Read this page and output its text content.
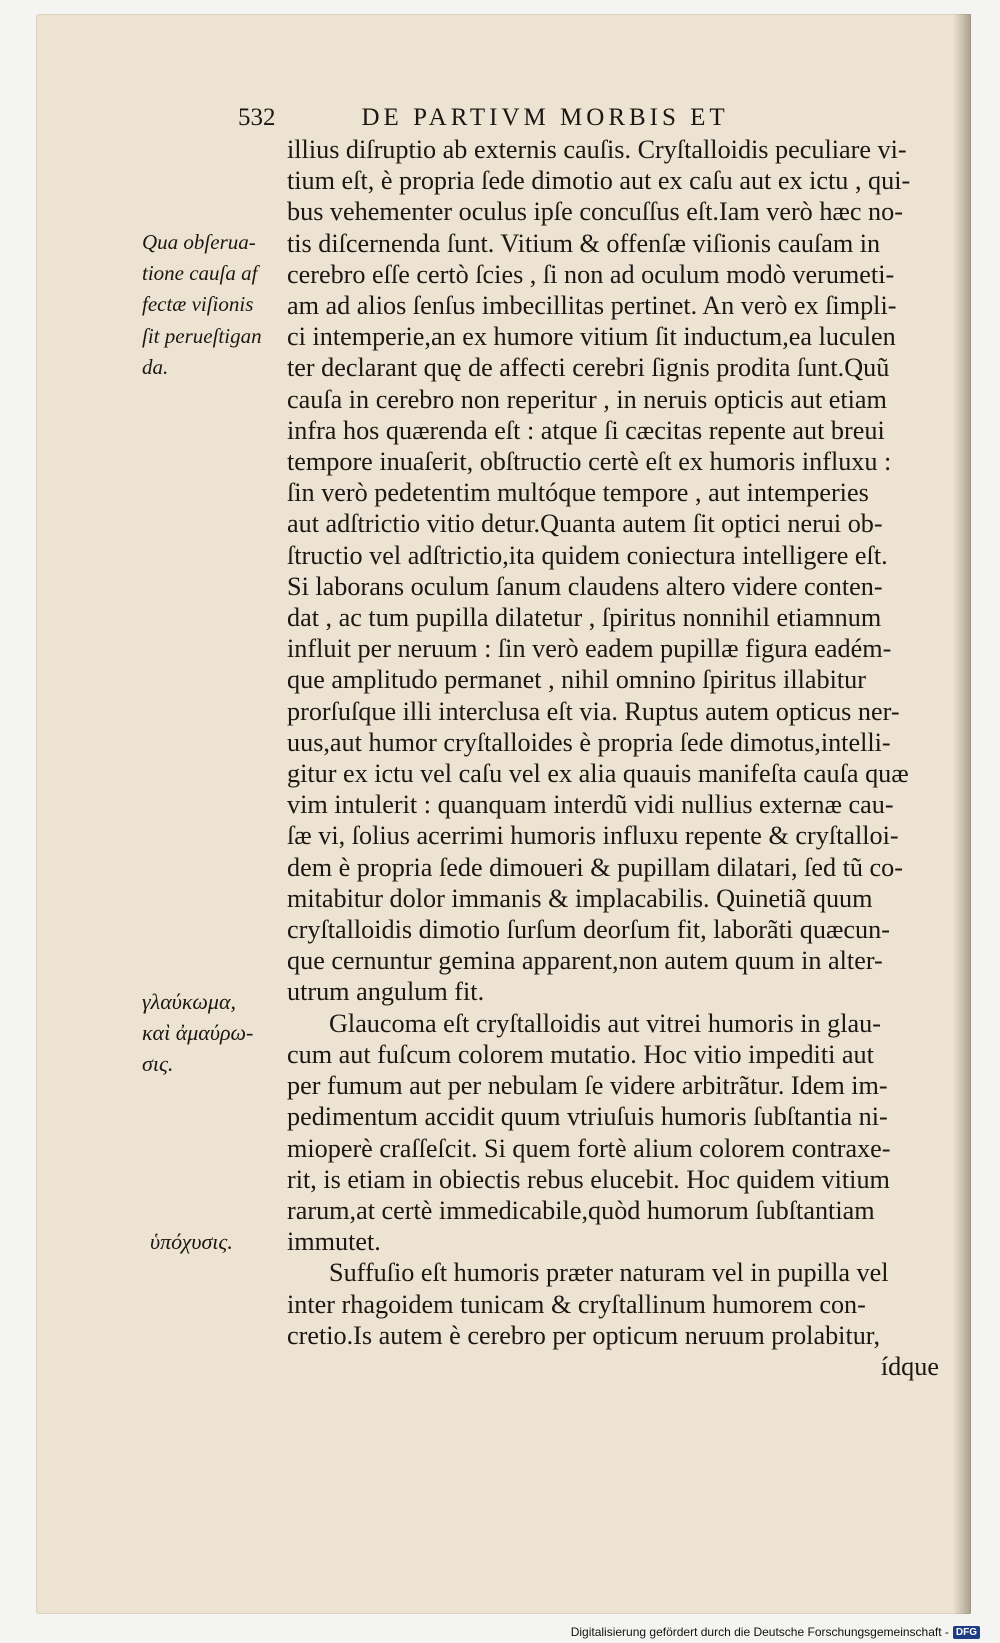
532	DE PARTIVM MORBIS ET
illius diſruptio ab externis cauſis. Cryſtalloidis peculiare vi-
tium eſt, è propria ſede dimotio aut ex caſu aut ex ictu , qui-
bus vehementer oculus ipſe concuſſus eſt.Iam verò hæc no-
tis diſcernenda ſunt. Vitium & offenſæ viſionis cauſam in
cerebro eſſe certò ſcies , ſi non ad oculum modò verumeti-
am ad alios ſenſus imbecillitas pertinet. An verò ex ſimpli-
ci intemperie,an ex humore vitium ſit inductum,ea luculen
ter declarant quę de affecti cerebri ſignis prodita ſunt.Quũ
cauſa in cerebro non reperitur , in neruis opticis aut etiam
infra hos quærenda eſt : atque ſi cæcitas repente aut breui
tempore inuaſerit, obſtructio certè eſt ex humoris influxu :
ſin verò pedetentim multóque tempore , aut intemperies
aut adſtrictio vitio detur.Quanta autem ſit optici nerui ob-
ſtructio vel adſtrictio,ita quidem coniectura intelligere eſt.
Si laborans oculum ſanum claudens altero videre conten-
dat , ac tum pupilla dilatetur , ſpiritus nonnihil etiamnum
influit per neruum : ſin verò eadem pupillæ figura eadém-
que amplitudo permanet , nihil omnino ſpiritus illabitur
prorſuſque illi interclusa eſt via. Ruptus autem opticus ner-
uus,aut humor cryſtalloides è propria ſede dimotus,intelli-
gitur ex ictu vel caſu vel ex alia quauis manifeſta cauſa quæ
vim intulerit : quanquam interdũ vidi nullius externæ cau-
ſæ vi, ſolius acerrimi humoris influxu repente & cryſtalloi-
dem è propria ſede dimoueri & pupillam dilatari, ſed tũ co-
mitabitur dolor immanis & implacabilis. Quinetiã quum
cryſtalloidis dimotio ſurſum deorſum fit, laborãti quæcun-
que cernuntur gemina apparent,non autem quum in alter-
utrum angulum fit.
Glaucoma eſt cryſtalloidis aut vitrei humoris in glau-
cum aut fuſcum colorem mutatio. Hoc vitio impediti aut
per fumum aut per nebulam ſe videre arbitrãtur. Idem im-
pedimentum accidit quum vtriuſuis humoris ſubſtantia ni-
mioperè craſſeſcit. Si quem fortè alium colorem contraxe-
rit, is etiam in obiectis rebus elucebit. Hoc quidem vitium
rarum,at certè immedicabile,quòd humorum ſubſtantiam
immutet.
Suffuſio eſt humoris præter naturam vel in pupilla vel
inter rhagoidem tunicam & cryſtallinum humorem con-
cretio.Is autem è cerebro per opticum neruum prolabitur,
ídque
Qua obſerua-
tione cauſa af
fectæ viſionis
ſit perueſtigan
da.
γλαύκωμα,
καὶ ἀμαύρω-
σις.
ὑπόχυσις.
Digitalisierung gefördert durch die Deutsche Forschungsgemeinschaft - DFG
